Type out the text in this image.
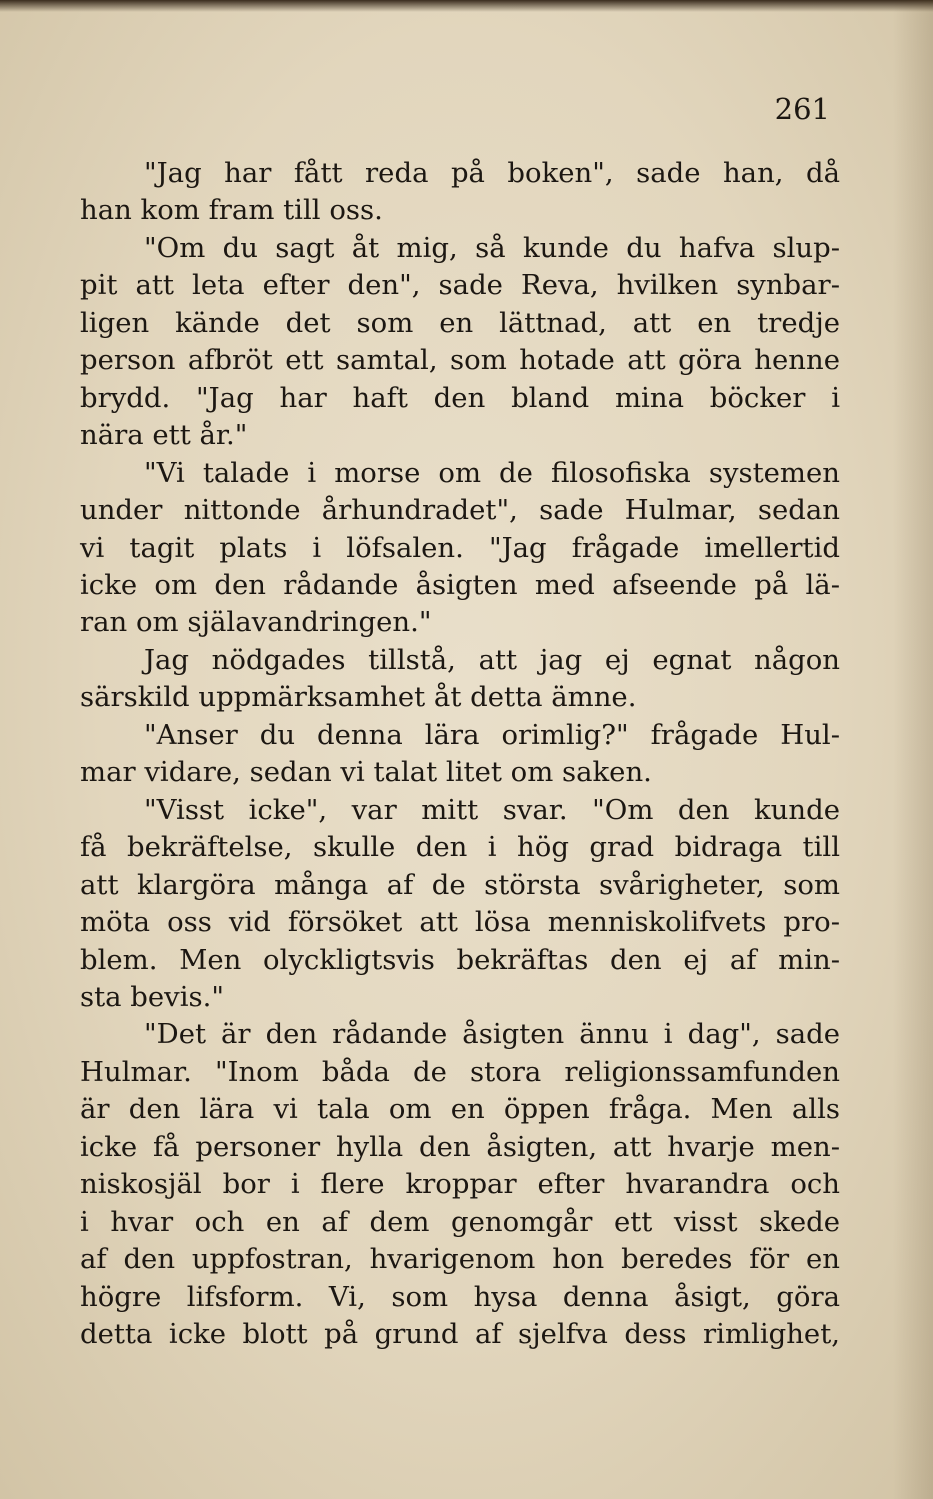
261

"Jag har fått reda på boken", sade han, då

han kom fram till oss.

"Om du sagt åt mig, så kunde du hafva slup-

pit att leta efter den", sade Reva, hvilken synbar-

ligen kände det som en lättnad, att en tredje

person afbröt ett samtal, som hotade att göra henne

brydd. "Jag har haft den bland mina böcker i

nära ett år."

"Vi talade i morse om de filosofiska systemen

under nittonde århundradet", sade Hulmar, sedan

vi tagit plats i löfsalen. "Jag frågade imellertid

icke om den rådande åsigten med afseende på lä-

ran om själavandringen."

Jag nödgades tillstå, att jag ej egnat någon

särskild uppmärksamhet åt detta ämne.

"Anser du denna lära orimlig?" frågade Hul-

mar vidare, sedan vi talat litet om saken.

"Visst icke", var mitt svar. "Om den kunde

få bekräftelse, skulle den i hög grad bidraga till

att klargöra många af de största svårigheter, som

möta oss vid försöket att lösa menniskolifvets pro-

blem. Men olyckligtsvis bekräftas den ej af min-

sta bevis."

"Det är den rådande åsigten ännu i dag", sade

Hulmar. "Inom båda de stora religionssamfunden

är den lära vi tala om en öppen fråga. Men alls

icke få personer hylla den åsigten, att hvarje men-

niskosjäl bor i flere kroppar efter hvarandra och

i hvar och en af dem genomgår ett visst skede

af den uppfostran, hvarigenom hon beredes för en

högre lifsform. Vi, som hysa denna åsigt, göra

detta icke blott på grund af sjelfva dess rimlighet,
